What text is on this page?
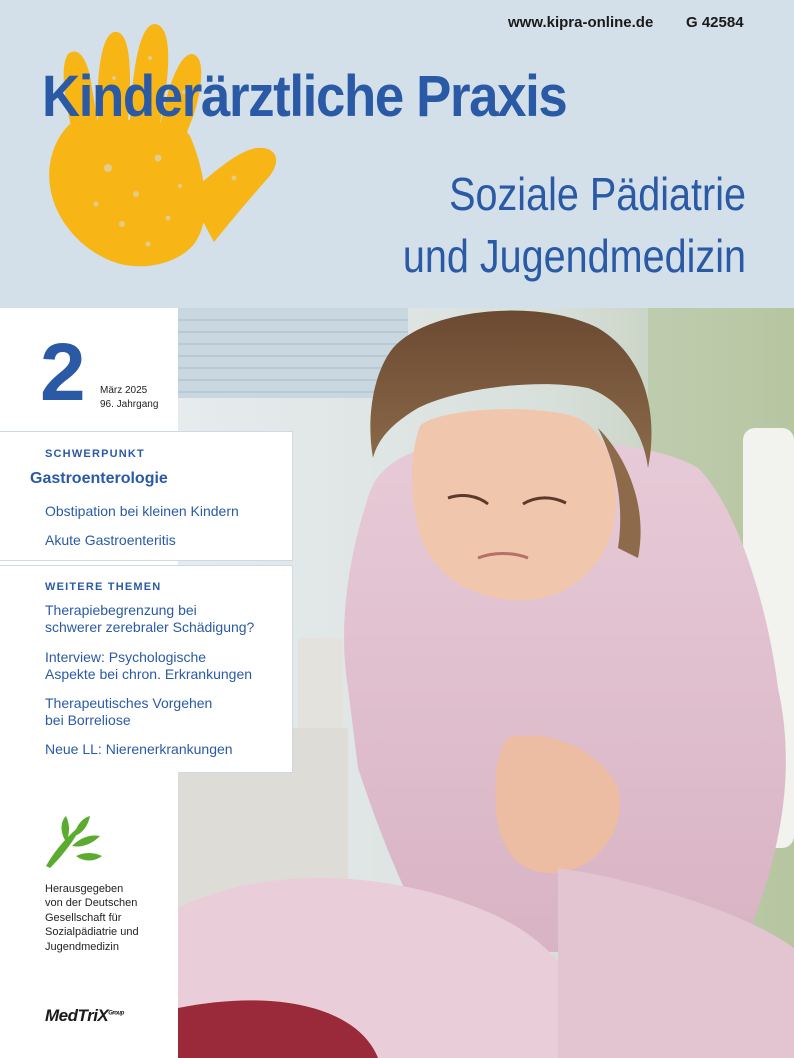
www.kipra-online.de G 42584
Kinderärztliche Praxis
Soziale Pädiatrie
und Jugendmedizin
2 März 2025
96. Jahrgang
SCHWERPUNKT
Gastroenterologie
Obstipation bei kleinen Kindern
Akute Gastroenteritis
WEITERE THEMEN
Therapiebegrenzung bei
schwerer zerebraler Schädigung?
Interview: Psychologische
Aspekte bei chron. Erkrankungen
Therapeutisches Vorgehen
bei Borreliose
Neue LL: Nierenerkrankungen
Herausgegeben
von der Deutschen
Gesellschaft für
Sozialpädiatrie und
Jugendmedizin
MedTriX$^{Group}$
